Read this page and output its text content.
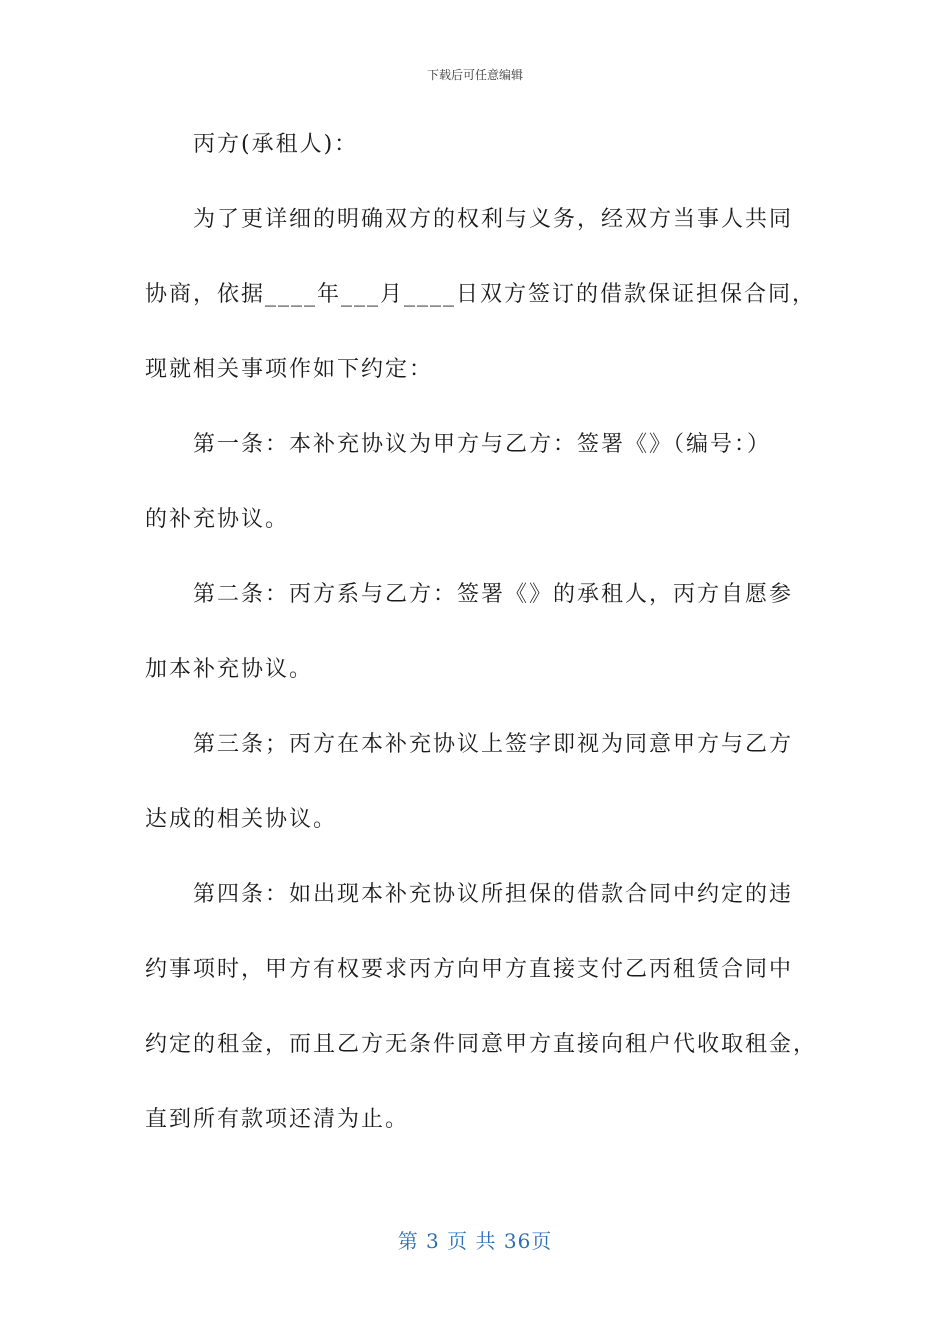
下载后可任意编辑
丙方(承租人)：
为了更详细的明确双方的权利与义务，经双方当事人共同
协商，依据____年___月____日双方签订的借款保证担保合同，
现就相关事项作如下约定：
第一条：本补充协议为甲方与乙方：签署《》（编号：）
的补充协议。
第二条：丙方系与乙方：签署《》的承租人，丙方自愿参
加本补充协议。
第三条；丙方在本补充协议上签字即视为同意甲方与乙方
达成的相关协议。
第四条：如出现本补充协议所担保的借款合同中约定的违
约事项时，甲方有权要求丙方向甲方直接支付乙丙租赁合同中
约定的租金，而且乙方无条件同意甲方直接向租户代收取租金，
直到所有款项还清为止。
第 3 页 共 36页
